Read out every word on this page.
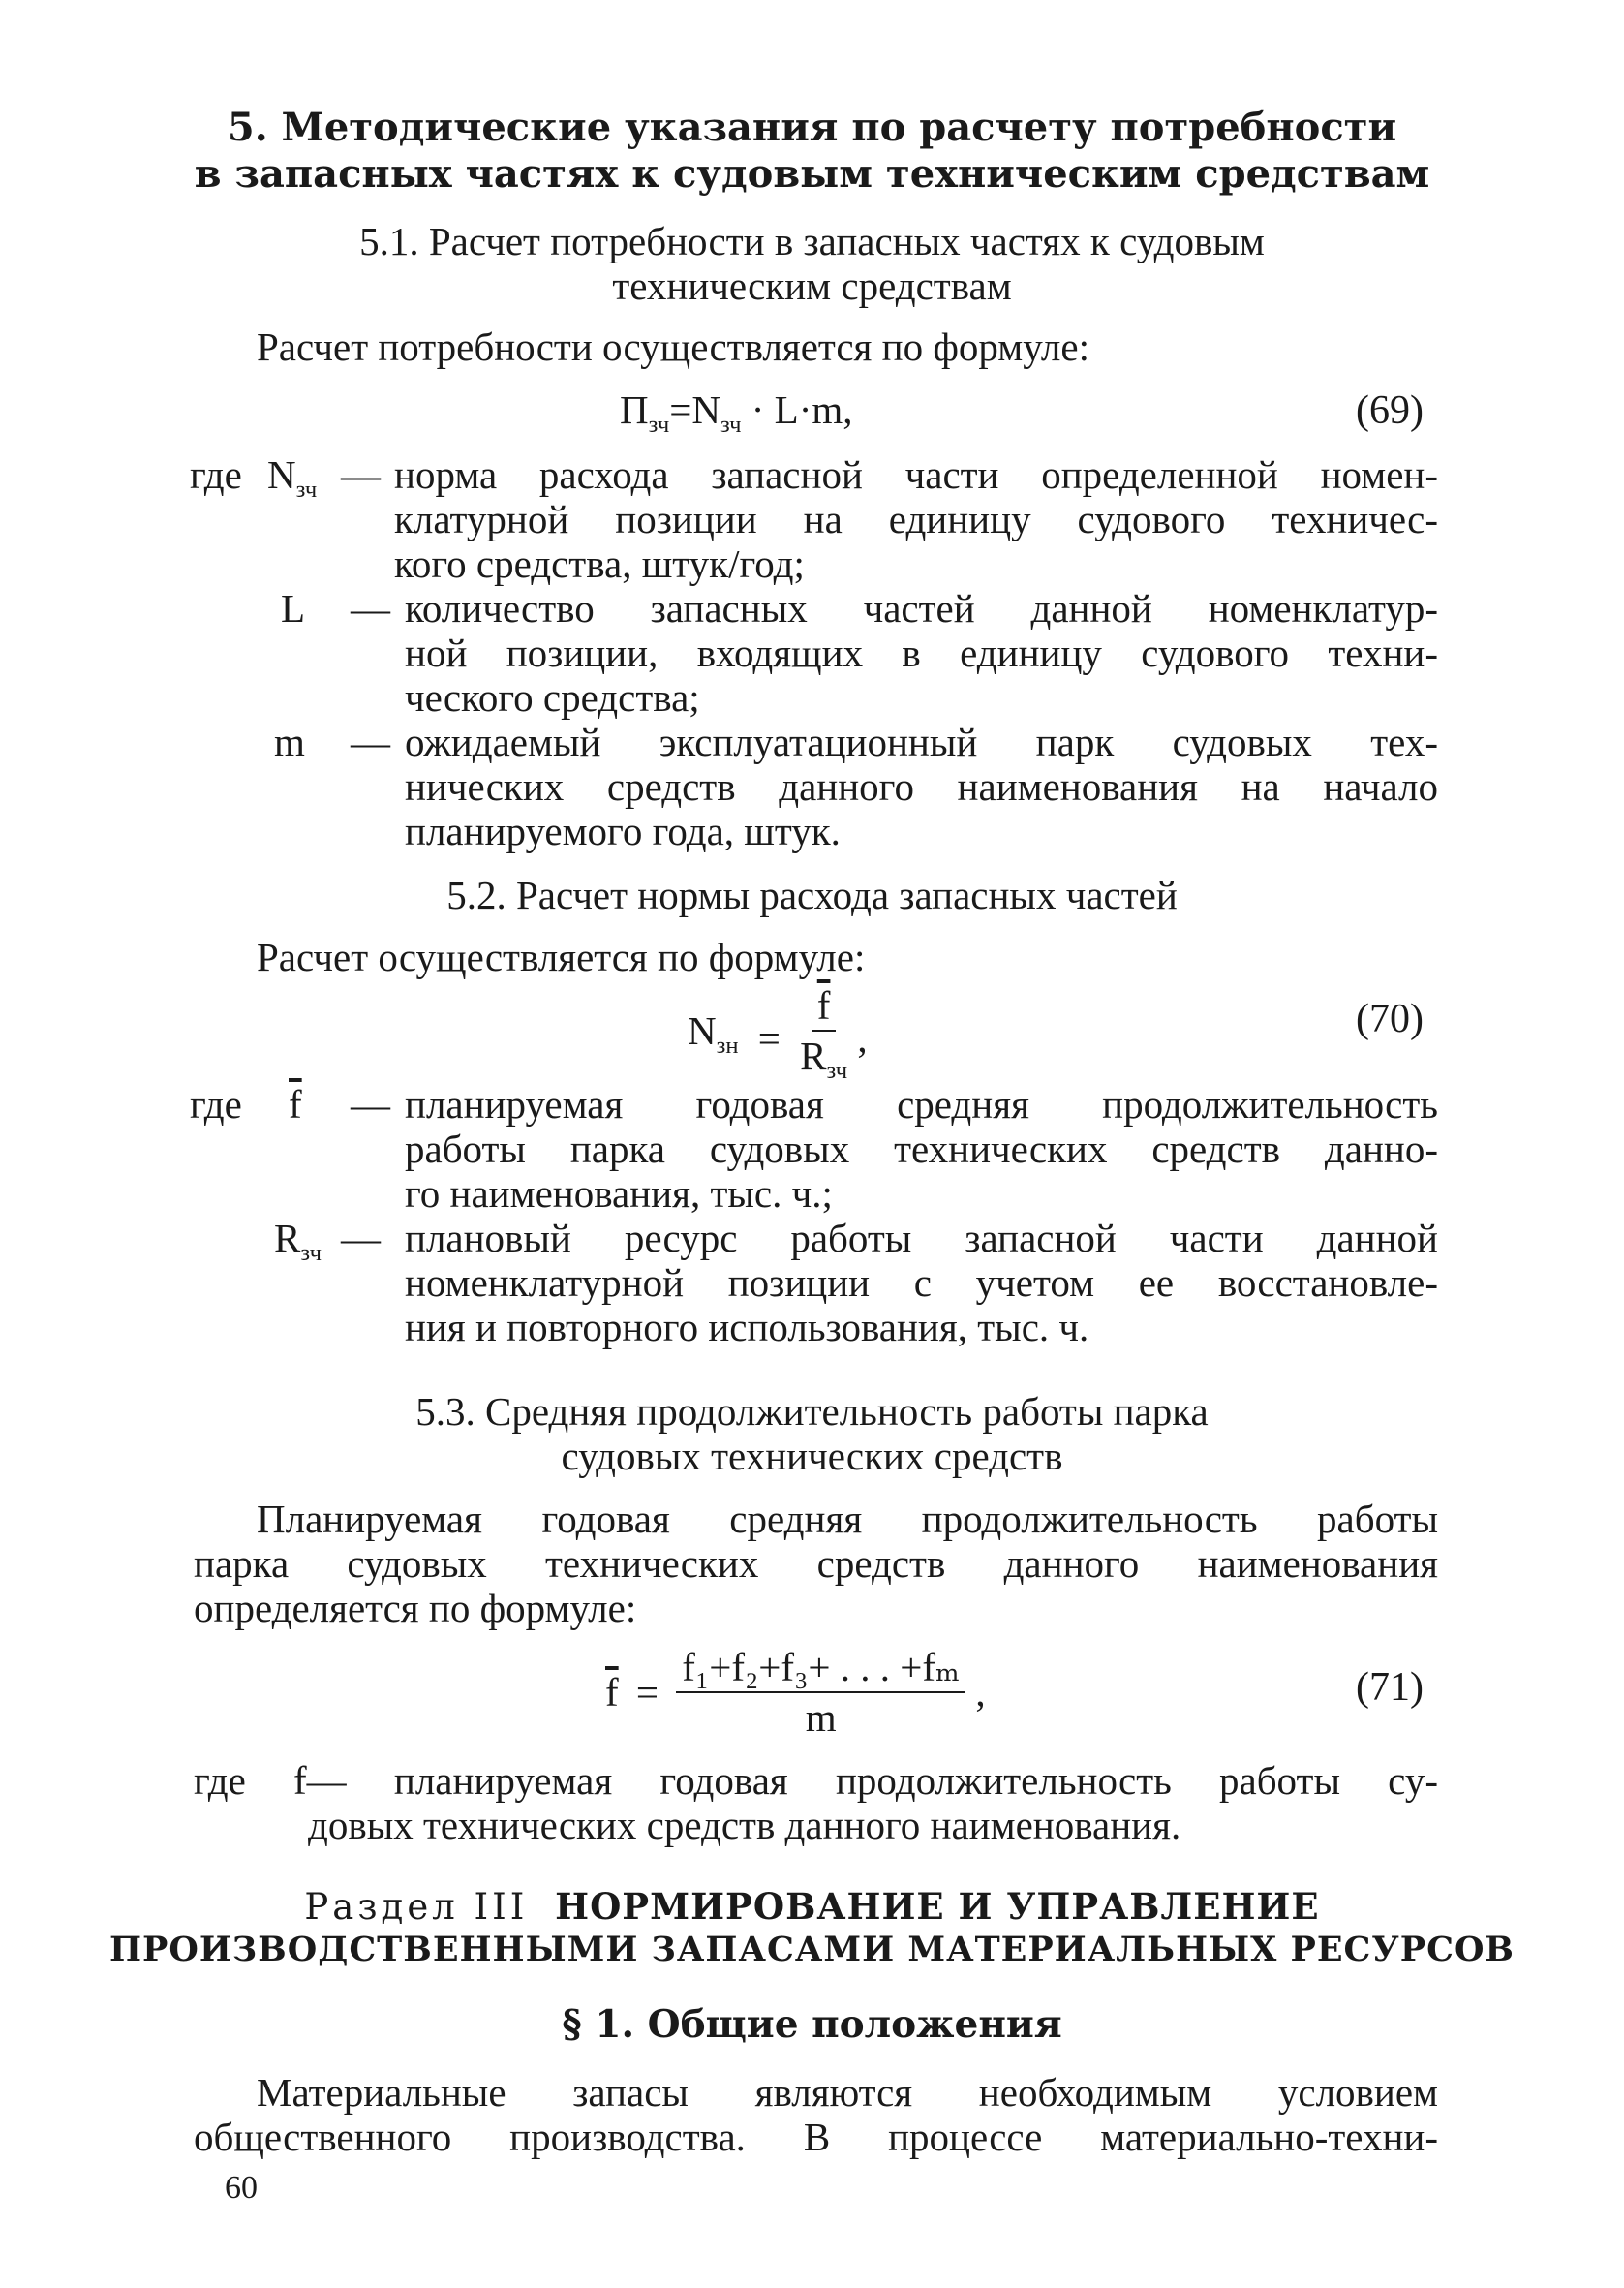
5. Методические указания по расчету потребности
в запасных частях к судовым техническим средствам
5.1. Расчет потребности в запасных частях к судовым
техническим средствам
Расчет потребности осуществляется по формуле:
$П_{зч}=N_{зч} \cdot L\cdot m$,	(69)
где $N_{зч}$ — норма расхода запасной части определенной номен-
клатурной позиции на единицу судового техничес-
кого средства, штук/год;
L — количество запасных частей данной номенклатур-
ной позиции, входящих в единицу судового техни-
ческого средства;
m — ожидаемый эксплуатационный парк судовых тех-
нических средств данного наименования на начало
планируемого года, штук.
5.2. Расчет нормы расхода запасных частей
Расчет осуществляется по формуле:
$N_{зн} = \frac{\overline{f}}{R_{зч}}$ ,	(70)
где $\overline{f}$ — планируемая годовая средняя продолжительность
работы парка судовых технических средств данно-
го наименования, тыс. ч.;
$R_{зч}$ — плановый ресурс работы запасной части данной
номенклатурной позиции с учетом ее восстановле-
ния и повторного использования, тыс. ч.
5.3. Средняя продолжительность работы парка
судовых технических средств
Планируемая годовая средняя продолжительность работы
парка судовых технических средств данного наименования
определяется по формуле:
$\overline{f} = \frac{\text{f₁+f₂+f₃+ . . . +fₘ}}{m}$ ,	(71)
где f— планируемая годовая продолжительность работы су-
довых технических средств данного наименования.
Раздел III НОРМИРОВАНИЕ И УПРАВЛЕНИЕ
ПРОИЗВОДСТВЕННЫМИ ЗАПАСАМИ МАТЕРИАЛЬНЫХ РЕСУРСОВ
§ 1. Общие положения
Материальные запасы являются необходимым условием
общественного производства. В процессе материально-техни-
60
